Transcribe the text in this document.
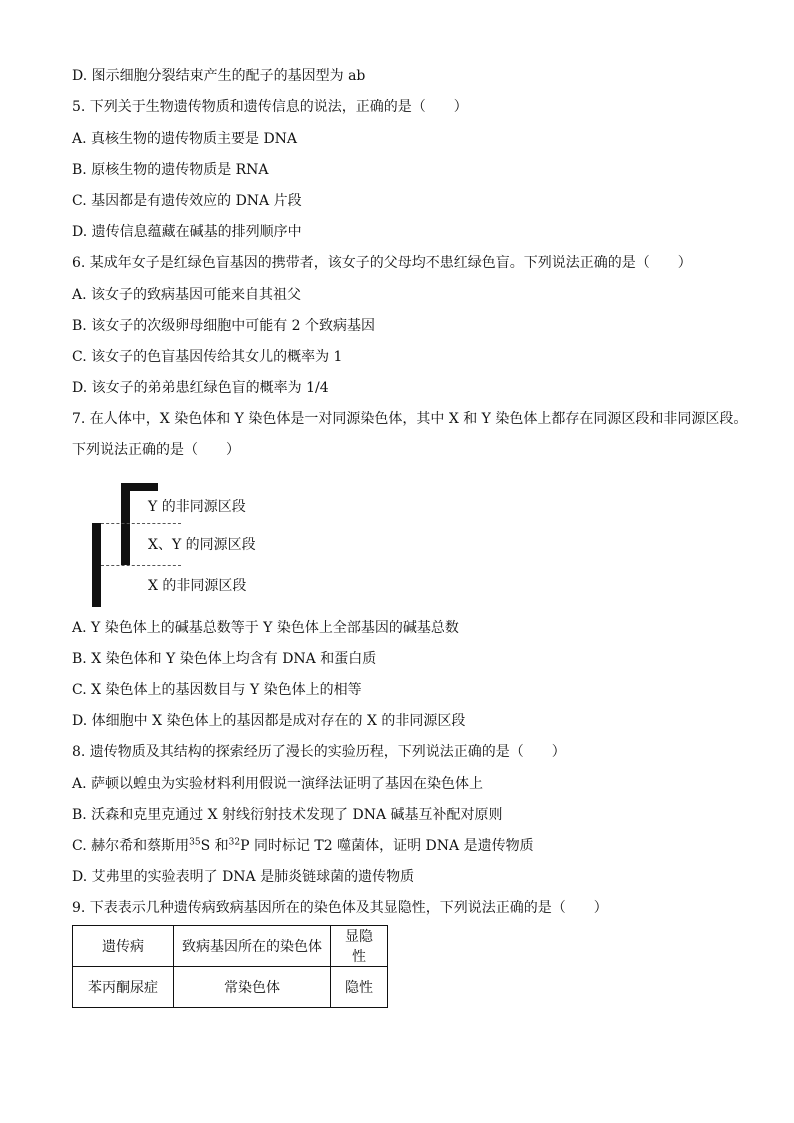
D. 图示细胞分裂结束产生的配子的基因型为 ab
5. 下列关于生物遗传物质和遗传信息的说法，正确的是（　　）
A. 真核生物的遗传物质主要是 DNA
B. 原核生物的遗传物质是 RNA
C. 基因都是有遗传效应的 DNA 片段
D. 遗传信息蕴藏在碱基的排列顺序中
6. 某成年女子是红绿色盲基因的携带者，该女子的父母均不患红绿色盲。下列说法正确的是（　　）
A. 该女子的致病基因可能来自其祖父
B. 该女子的次级卵母细胞中可能有 2 个致病基因
C. 该女子的色盲基因传给其女儿的概率为 1
D. 该女子的弟弟患红绿色盲的概率为 1/4
7. 在人体中，X 染色体和 Y 染色体是一对同源染色体，其中 X 和 Y 染色体上都存在同源区段和非同源区段。
下列说法正确的是（　　）
Y 的非同源区段
X、Y 的同源区段
X 的非同源区段
A. Y 染色体上的碱基总数等于 Y 染色体上全部基因的碱基总数
B. X 染色体和 Y 染色体上均含有 DNA 和蛋白质
C. X 染色体上的基因数目与 Y 染色体上的相等
D. 体细胞中 X 染色体上的基因都是成对存在的 X 的非同源区段
8. 遗传物质及其结构的探索经历了漫长的实验历程，下列说法正确的是（　　）
A. 萨顿以蝗虫为实验材料利用假说一演绎法证明了基因在染色体上
B. 沃森和克里克通过 X 射线衍射技术发现了 DNA 碱基互补配对原则
C. 赫尔希和蔡斯用$^{35}$S 和$^{32}$P 同时标记 T2 噬菌体，证明 DNA 是遗传物质
D. 艾弗里的实验表明了 DNA 是肺炎链球菌的遗传物质
9. 下表表示几种遗传病致病基因所在的染色体及其显隐性，下列说法正确的是（　　）
遗传病	致病基因所在的染色体	显隐性
苯丙酮尿症	常染色体	隐性
